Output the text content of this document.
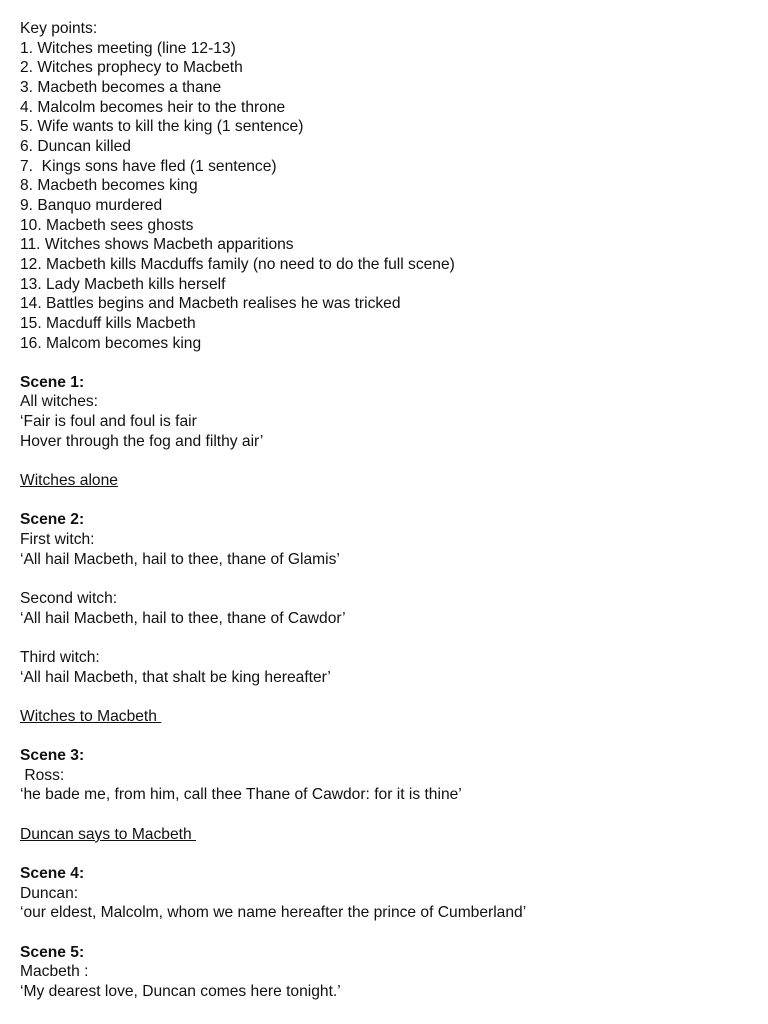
Key points:
1. Witches meeting (line 12-13)
2. Witches prophecy to Macbeth
3. Macbeth becomes a thane
4. Malcolm becomes heir to the throne
5. Wife wants to kill the king (1 sentence)
6. Duncan killed
7.  Kings sons have fled (1 sentence)
8. Macbeth becomes king
9. Banquo murdered
10. Macbeth sees ghosts
11. Witches shows Macbeth apparitions
12. Macbeth kills Macduffs family (no need to do the full scene)
13. Lady Macbeth kills herself
14. Battles begins and Macbeth realises he was tricked
15. Macduff kills Macbeth
16. Malcom becomes king
Scene 1:
All witches:
‘Fair is foul and foul is fair
Hover through the fog and filthy air’
Witches alone
Scene 2:
First witch:
‘All hail Macbeth, hail to thee, thane of Glamis’
Second witch:
‘All hail Macbeth, hail to thee, thane of Cawdor’
Third witch:
‘All hail Macbeth, that shalt be king hereafter’
Witches to Macbeth
Scene 3:
Ross:
‘he bade me, from him, call thee Thane of Cawdor: for it is thine’
Duncan says to Macbeth
Scene 4:
Duncan:
‘our eldest, Malcolm, whom we name hereafter the prince of Cumberland’
Scene 5:
Macbeth :
‘My dearest love, Duncan comes here tonight.’
